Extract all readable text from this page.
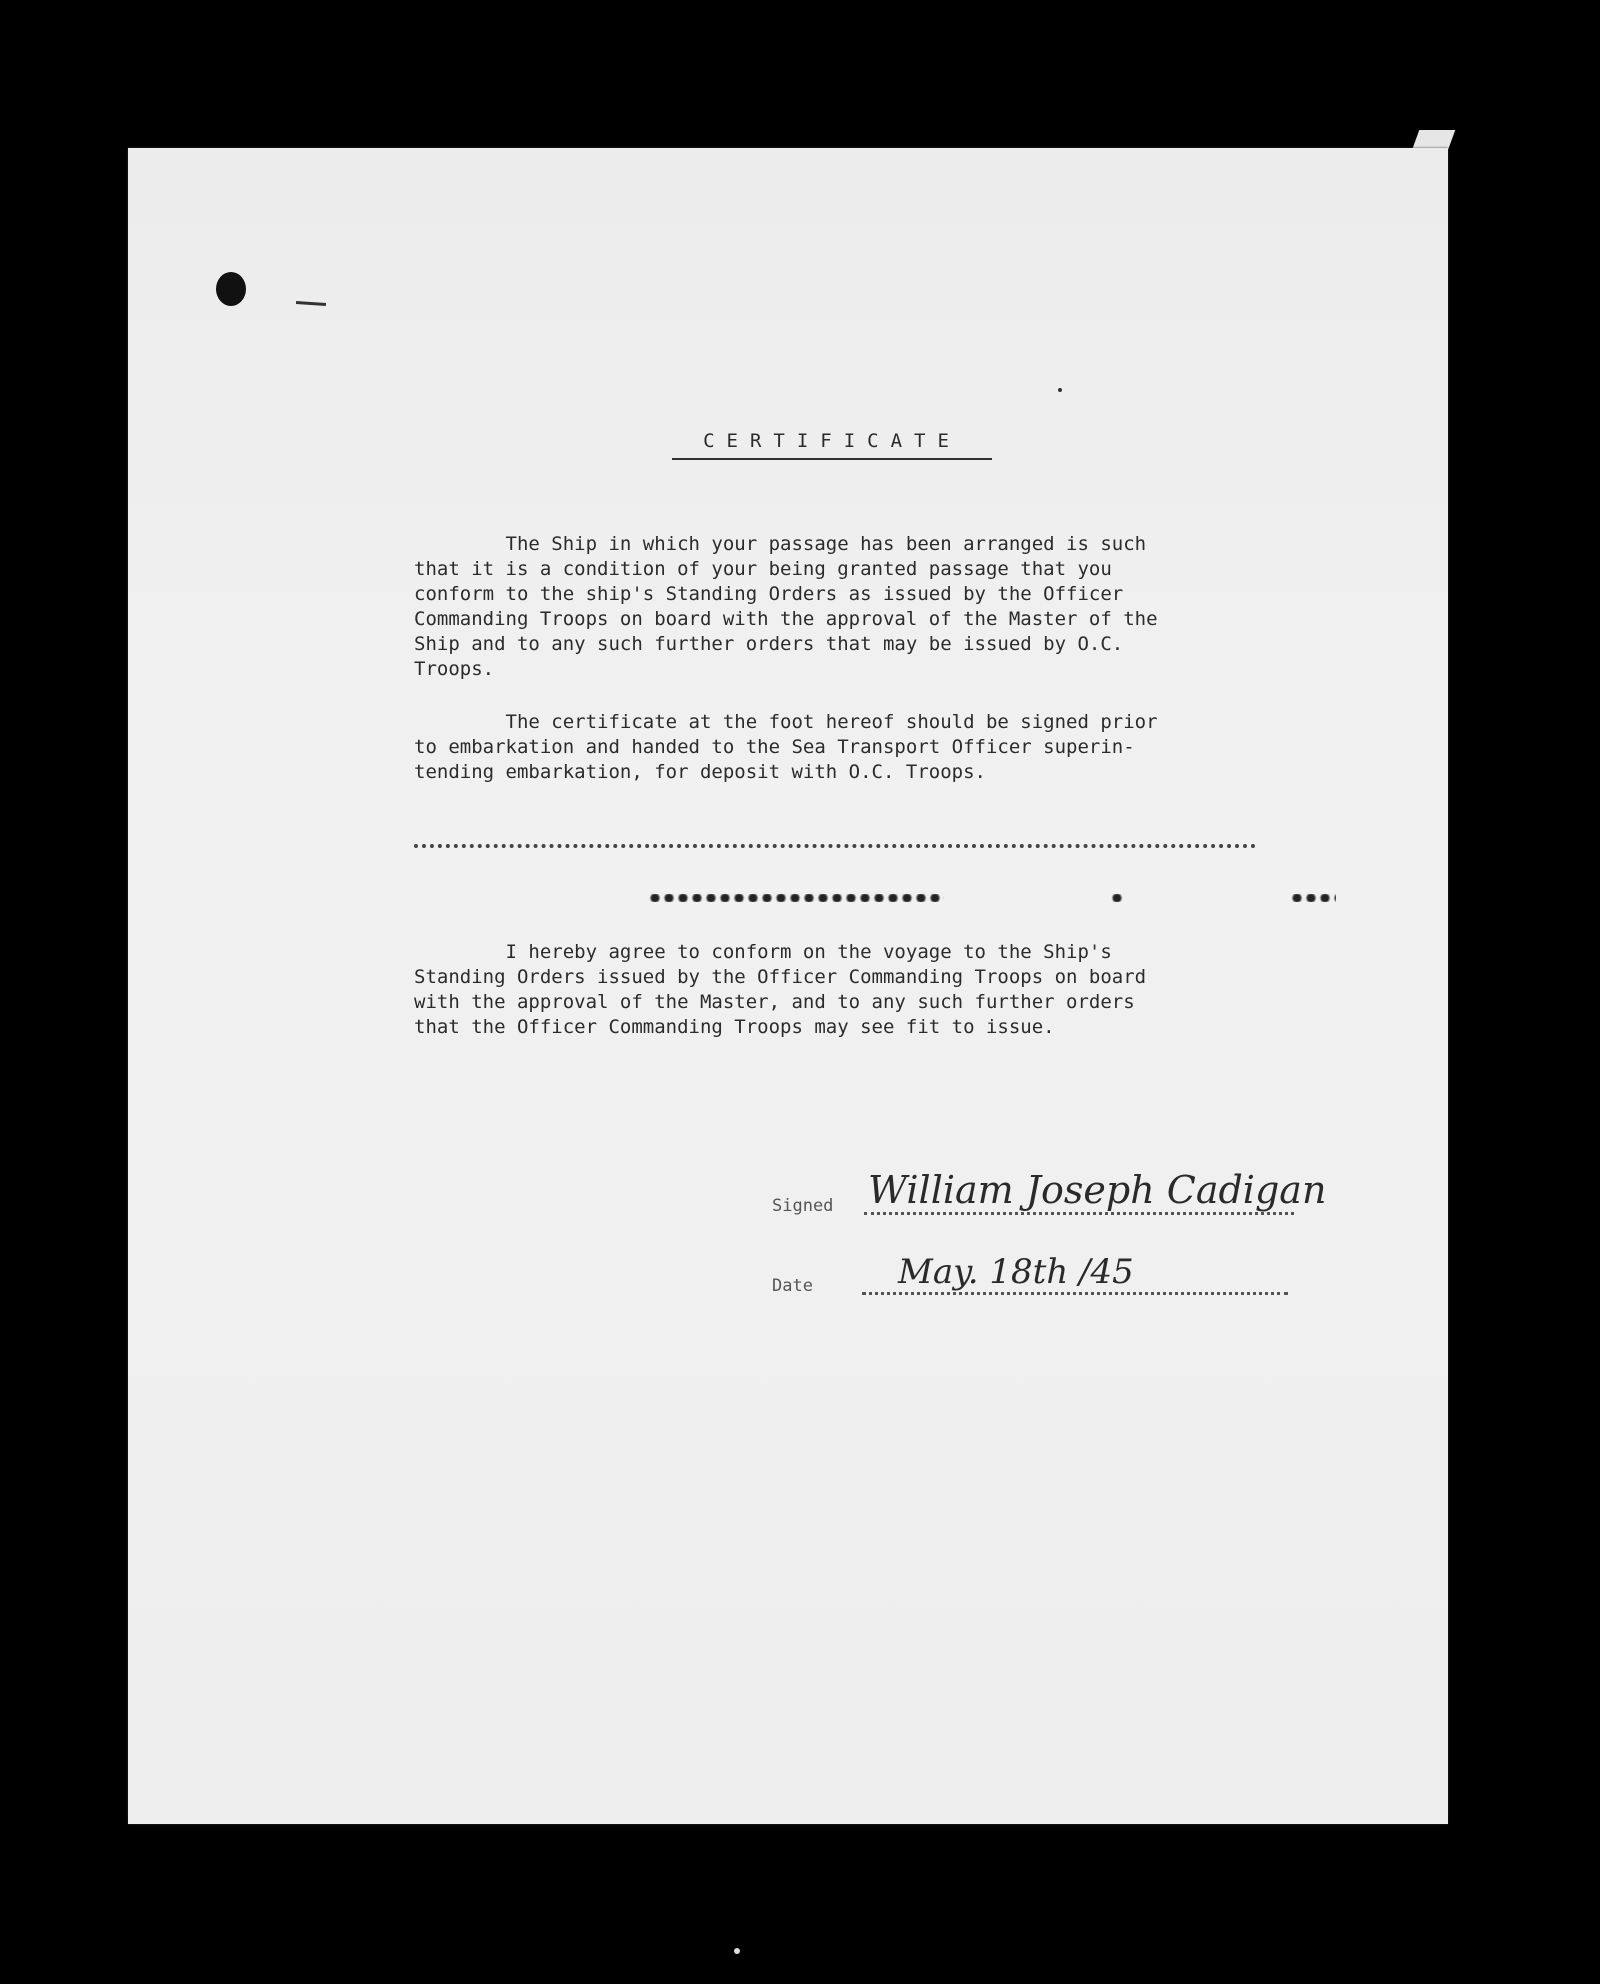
CERTIFICATE
The Ship in which your passage has been arranged is such
that it is a condition of your being granted passage that you
conform to the ship's Standing Orders as issued by the Officer
Commanding Troops on board with the approval of the Master of the
Ship and to any such further orders that may be issued by O.C.
Troops.
The certificate at the foot hereof should be signed prior
to embarkation and handed to the Sea Transport Officer superin-
tending embarkation, for deposit with O.C. Troops.
I hereby agree to conform on the voyage to the Ship's
Standing Orders issued by the Officer Commanding Troops on board
with the approval of the Master, and to any such further orders
that the Officer Commanding Troops may see fit to issue.
Signed William Joseph Cadigan
Date	May. 18th /45
